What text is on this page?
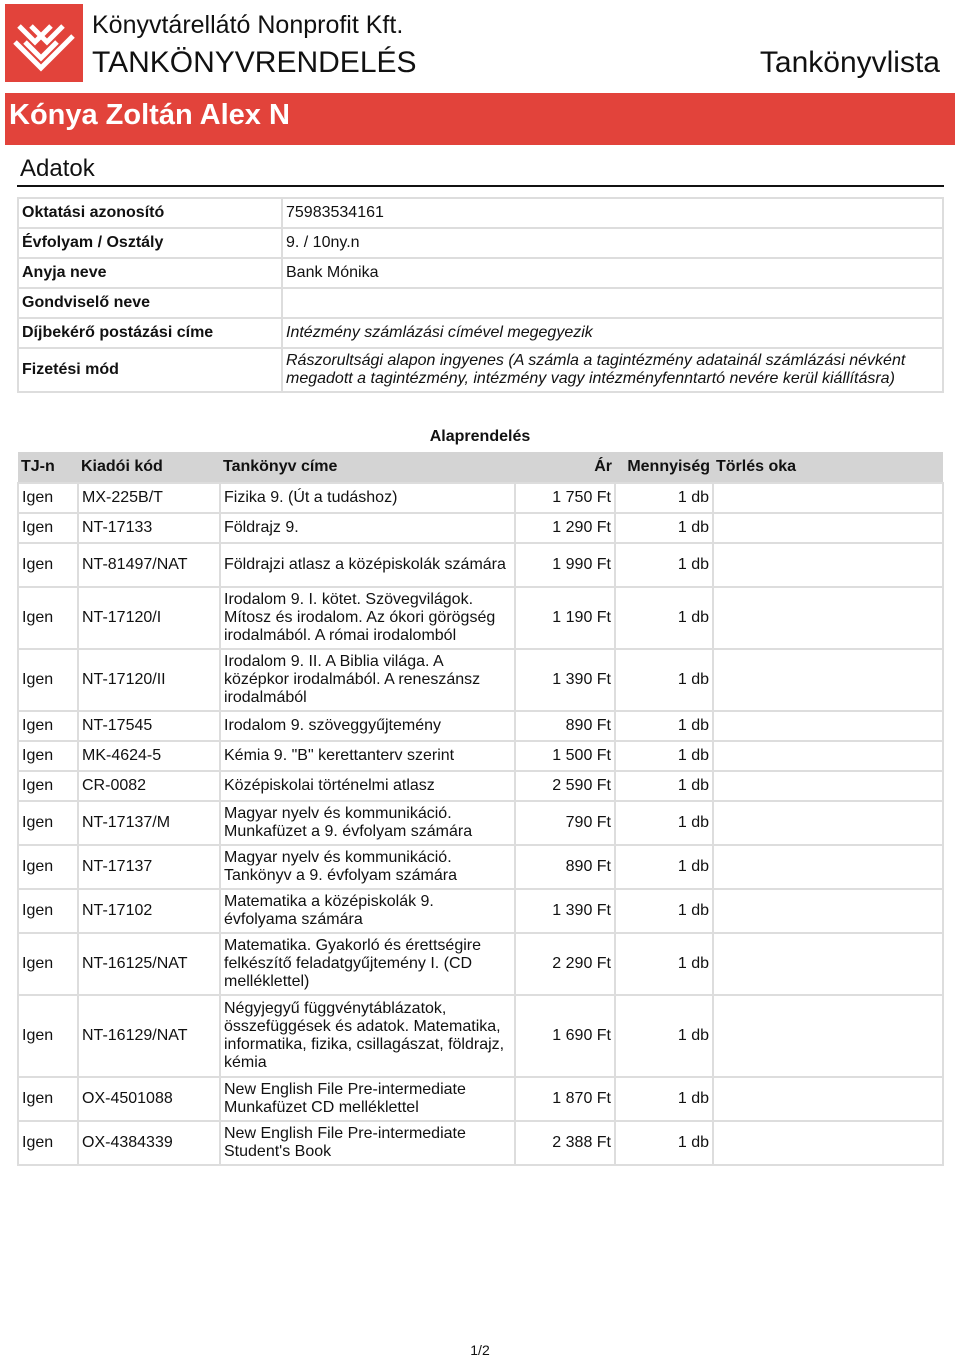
Könyvtárellátó Nonprofit Kft.
TANKÖNYVRENDELÉS	Tankönyvlista
Kónya Zoltán Alex N
Adatok
Oktatási azonosító	75983534161
Évfolyam / Osztály	9. / 10ny.n
Anyja neve	Bank Mónika
Gondviselő neve	
Díjbekérő postázási címe	Intézmény számlázási címével megegyezik
Fizetési mód	Rászorultsági alapon ingyenes (A számla a tagintézmény adatainál számlázási névként megadott a tagintézmény, intézmény vagy intézményfenntartó nevére kerül kiállításra)
Alaprendelés
TJ-n	Kiadói kód	Tankönyv címe	Ár	Mennyiség	Törlés oka
Igen	MX-225B/T	Fizika 9. (Út a tudáshoz)	1 750 Ft	1 db	
Igen	NT-17133	Földrajz 9.	1 290 Ft	1 db	
Igen	NT-81497/NAT	Földrajzi atlasz a középiskolák számára	1 990 Ft	1 db	
Igen	NT-17120/I	Irodalom 9. I. kötet. Szövegvilágok. Mítosz és irodalom. Az ókori görögség irodalmából. A római irodalomból	1 190 Ft	1 db	
Igen	NT-17120/II	Irodalom 9. II. A Biblia világa. A középkor irodalmából. A reneszánsz irodalmából	1 390 Ft	1 db	
Igen	NT-17545	Irodalom 9. szöveggyűjtemény	890 Ft	1 db	
Igen	MK-4624-5	Kémia 9. "B" kerettanterv szerint	1 500 Ft	1 db	
Igen	CR-0082	Középiskolai történelmi atlasz	2 590 Ft	1 db	
Igen	NT-17137/M	Magyar nyelv és kommunikáció. Munkafüzet a 9. évfolyam számára	790 Ft	1 db	
Igen	NT-17137	Magyar nyelv és kommunikáció. Tankönyv a 9. évfolyam számára	890 Ft	1 db	
Igen	NT-17102	Matematika a középiskolák 9. évfolyama számára	1 390 Ft	1 db	
Igen	NT-16125/NAT	Matematika. Gyakorló és érettségire felkészítő feladatgyűjtemény I. (CD melléklettel)	2 290 Ft	1 db	
Igen	NT-16129/NAT	Négyjegyű függvénytáblázatok, összefüggések és adatok. Matematika, informatika, fizika, csillagászat, földrajz, kémia	1 690 Ft	1 db	
Igen	OX-4501088	New English File Pre-intermediate Munkafüzet CD melléklettel	1 870 Ft	1 db	
Igen	OX-4384339	New English File Pre-intermediate Student's Book	2 388 Ft	1 db	
1/2
